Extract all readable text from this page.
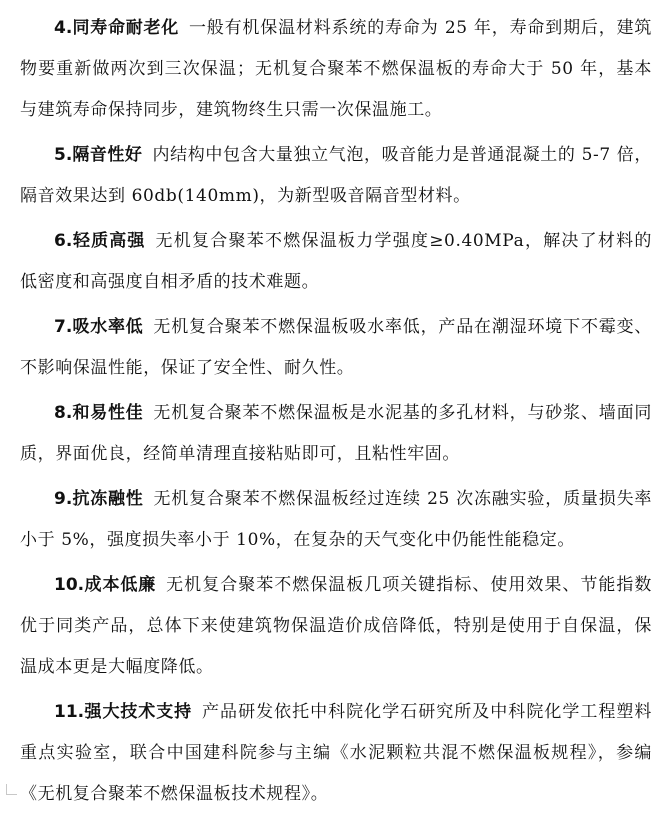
4.同寿命耐老化 一般有机保温材料系统的寿命为 25 年，寿命到期后，建筑物要重新做两次到三次保温；无机复合聚苯不燃保温板的寿命大于 50 年，基本与建筑寿命保持同步，建筑物终生只需一次保温施工。

5.隔音性好 内结构中包含大量独立气泡，吸音能力是普通混凝土的 5-7 倍，隔音效果达到 60db(140mm)，为新型吸音隔音型材料。

6.轻质高强 无机复合聚苯不燃保温板力学强度≥0.40MPa，解决了材料的低密度和高强度自相矛盾的技术难题。

7.吸水率低 无机复合聚苯不燃保温板吸水率低，产品在潮湿环境下不霉变、不影响保温性能，保证了安全性、耐久性。

8.和易性佳 无机复合聚苯不燃保温板是水泥基的多孔材料，与砂浆、墙面同质，界面优良，经简单清理直接粘贴即可，且粘性牢固。

9.抗冻融性 无机复合聚苯不燃保温板经过连续 25 次冻融实验，质量损失率小于 5%，强度损失率小于 10%，在复杂的天气变化中仍能性能稳定。

10.成本低廉 无机复合聚苯不燃保温板几项关键指标、使用效果、节能指数优于同类产品，总体下来使建筑物保温造价成倍降低，特别是使用于自保温，保温成本更是大幅度降低。

11.强大技术支持 产品研发依托中科院化学石研究所及中科院化学工程塑料重点实验室，联合中国建科院参与主编《水泥颗粒共混不燃保温板规程》，参编《无机复合聚苯不燃保温板技术规程》。
